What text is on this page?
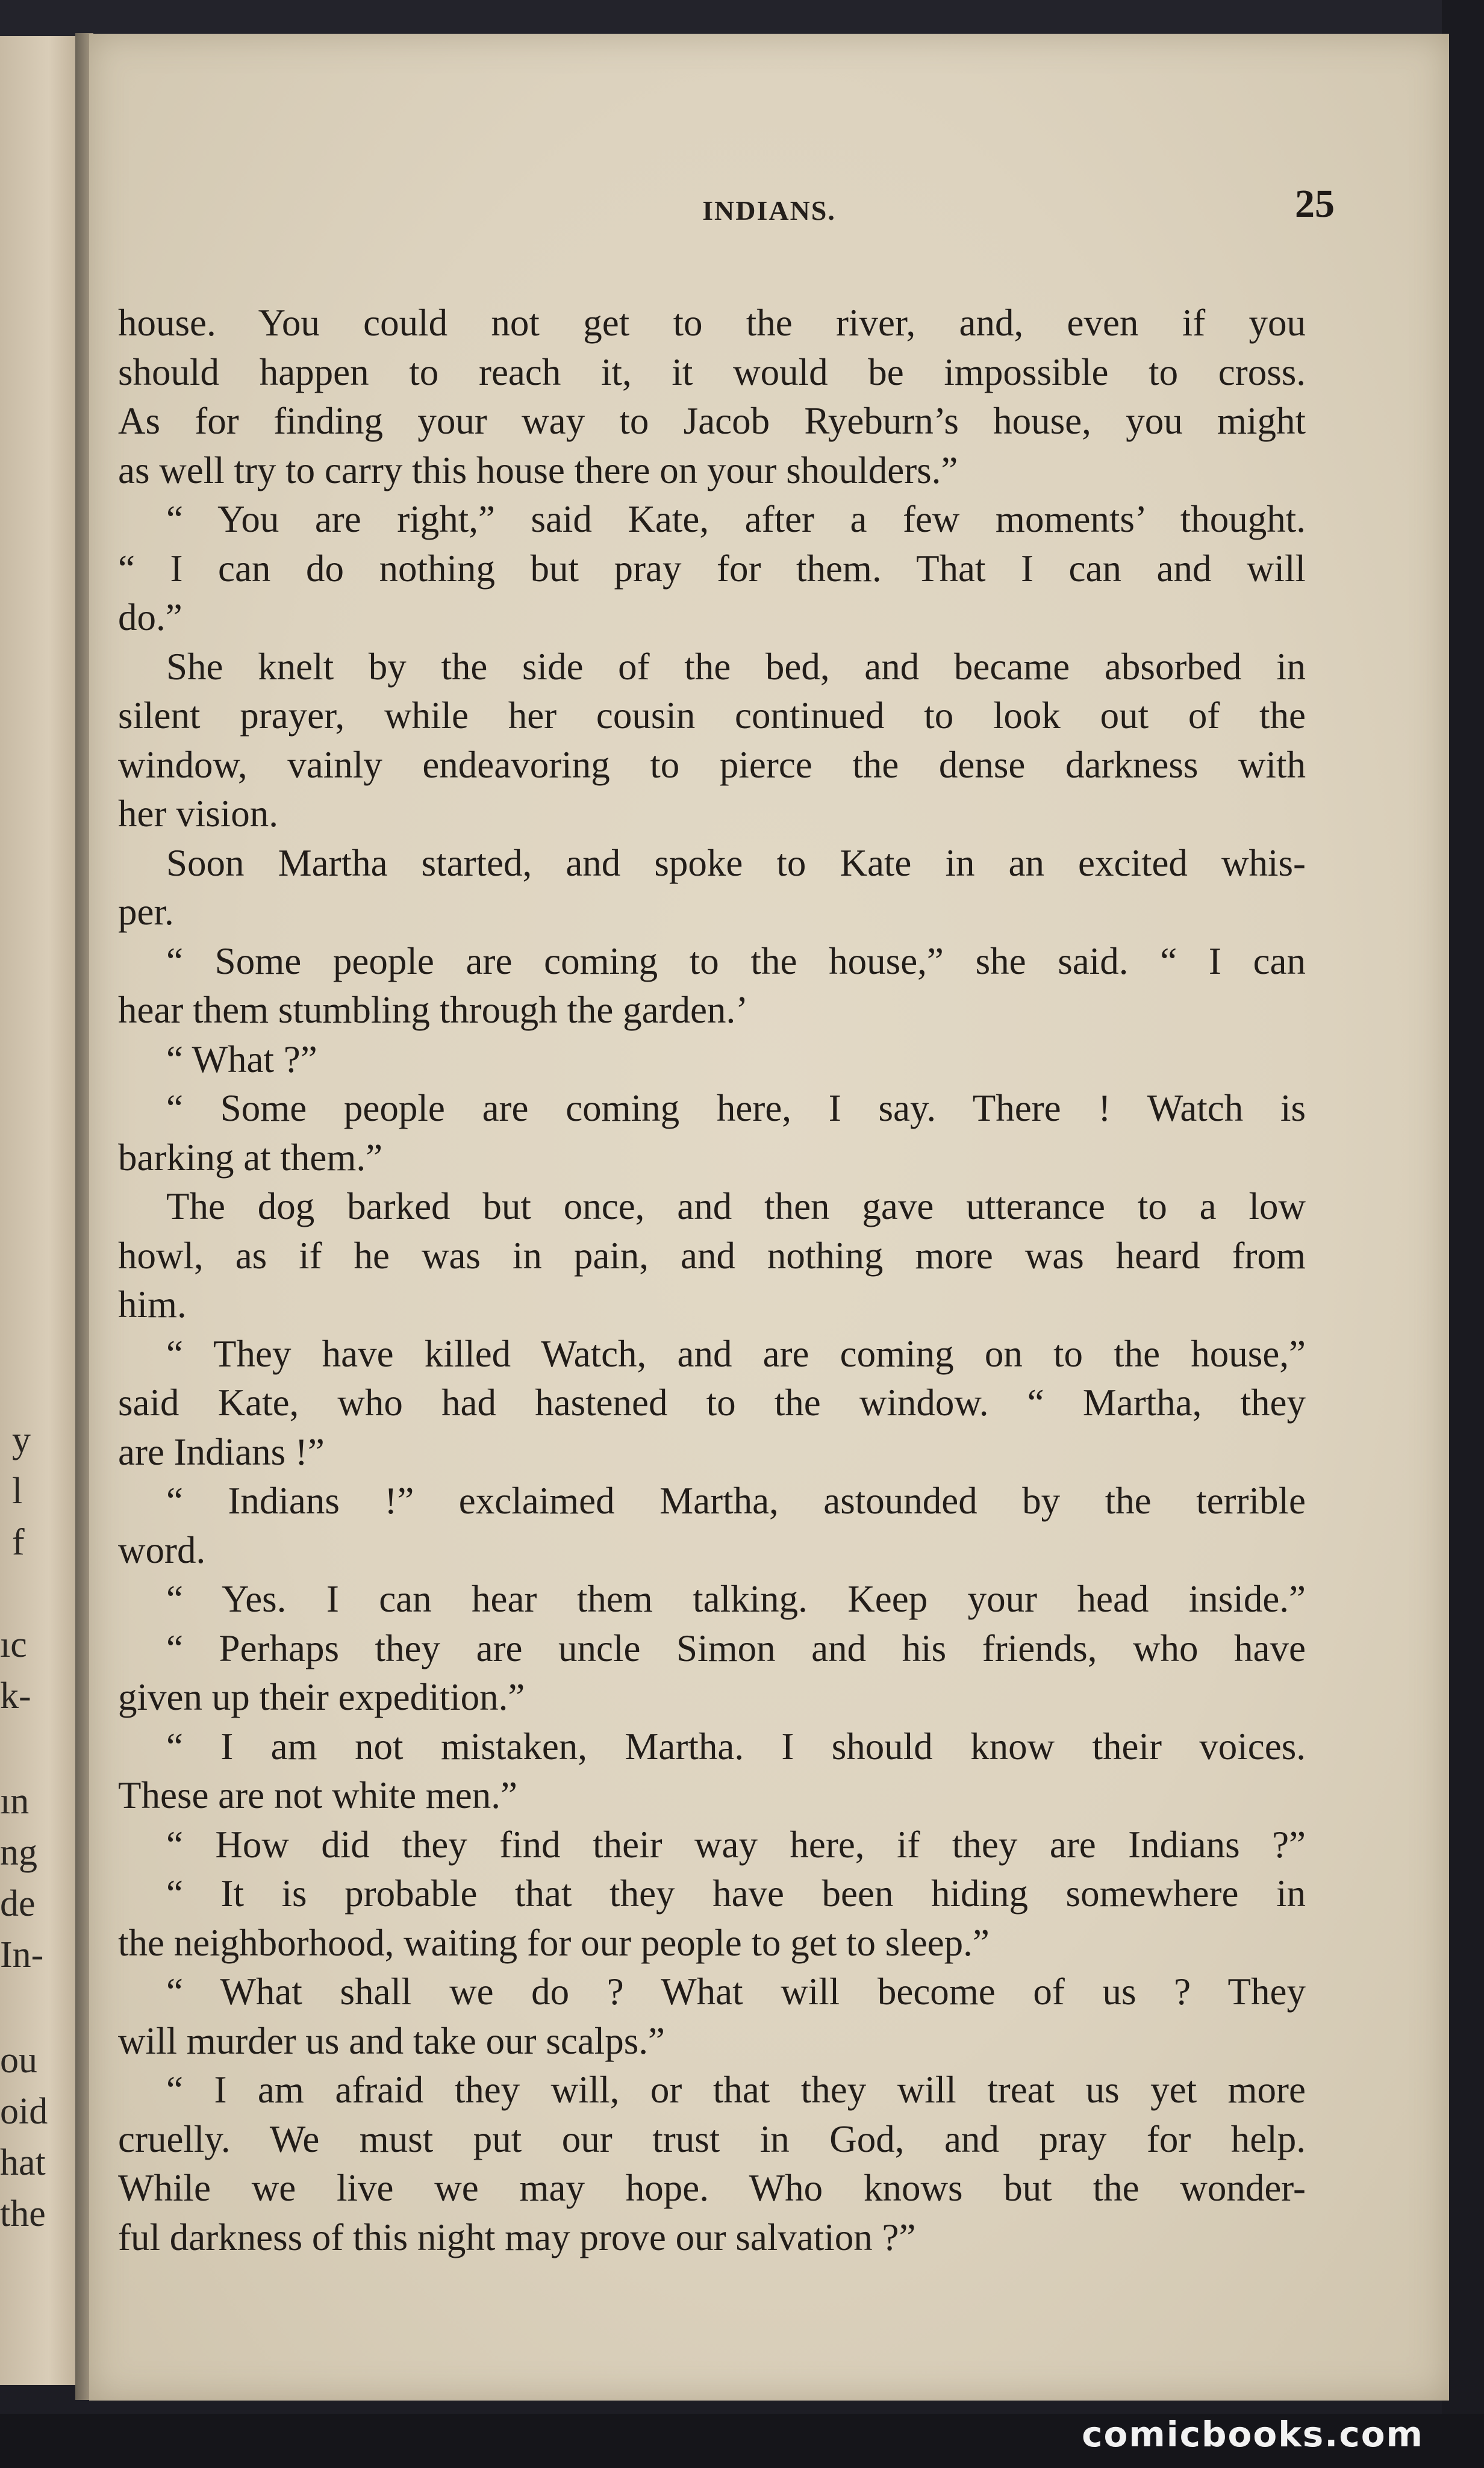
y
l
f
ıc
k-
ın
ng
de
In-
ou
oid
hat
the
INDIANS.	25
house. You could not get to the river, and, even if you
should happen to reach it, it would be impossible to cross.
As for finding your way to Jacob Ryeburn’s house, you might
as well try to carry this house there on your shoulders.”
“ You are right,” said Kate, after a few moments’ thought.
“ I can do nothing but pray for them. That I can and will
do.”
She knelt by the side of the bed, and became absorbed in
silent prayer, while her cousin continued to look out of the
window, vainly endeavoring to pierce the dense darkness with
her vision.
Soon Martha started, and spoke to Kate in an excited whis-
per.
“ Some people are coming to the house,” she said. “ I can
hear them stumbling through the garden.’
“ What ?”
“ Some people are coming here, I say. There ! Watch is
barking at them.”
The dog barked but once, and then gave utterance to a low
howl, as if he was in pain, and nothing more was heard from
him.
“ They have killed Watch, and are coming on to the house,”
said Kate, who had hastened to the window. “ Martha, they
are Indians !”
“ Indians !” exclaimed Martha, astounded by the terrible
word.
“ Yes. I can hear them talking. Keep your head inside.”
“ Perhaps they are uncle Simon and his friends, who have
given up their expedition.”
“ I am not mistaken, Martha. I should know their voices.
These are not white men.”
“ How did they find their way here, if they are Indians ?”
“ It is probable that they have been hiding somewhere in
the neighborhood, waiting for our people to get to sleep.”
“ What shall we do ? What will become of us ? They
will murder us and take our scalps.”
“ I am afraid they will, or that they will treat us yet more
cruelly. We must put our trust in God, and pray for help.
While we live we may hope. Who knows but the wonder-
ful darkness of this night may prove our salvation ?”
comicbooks.com
